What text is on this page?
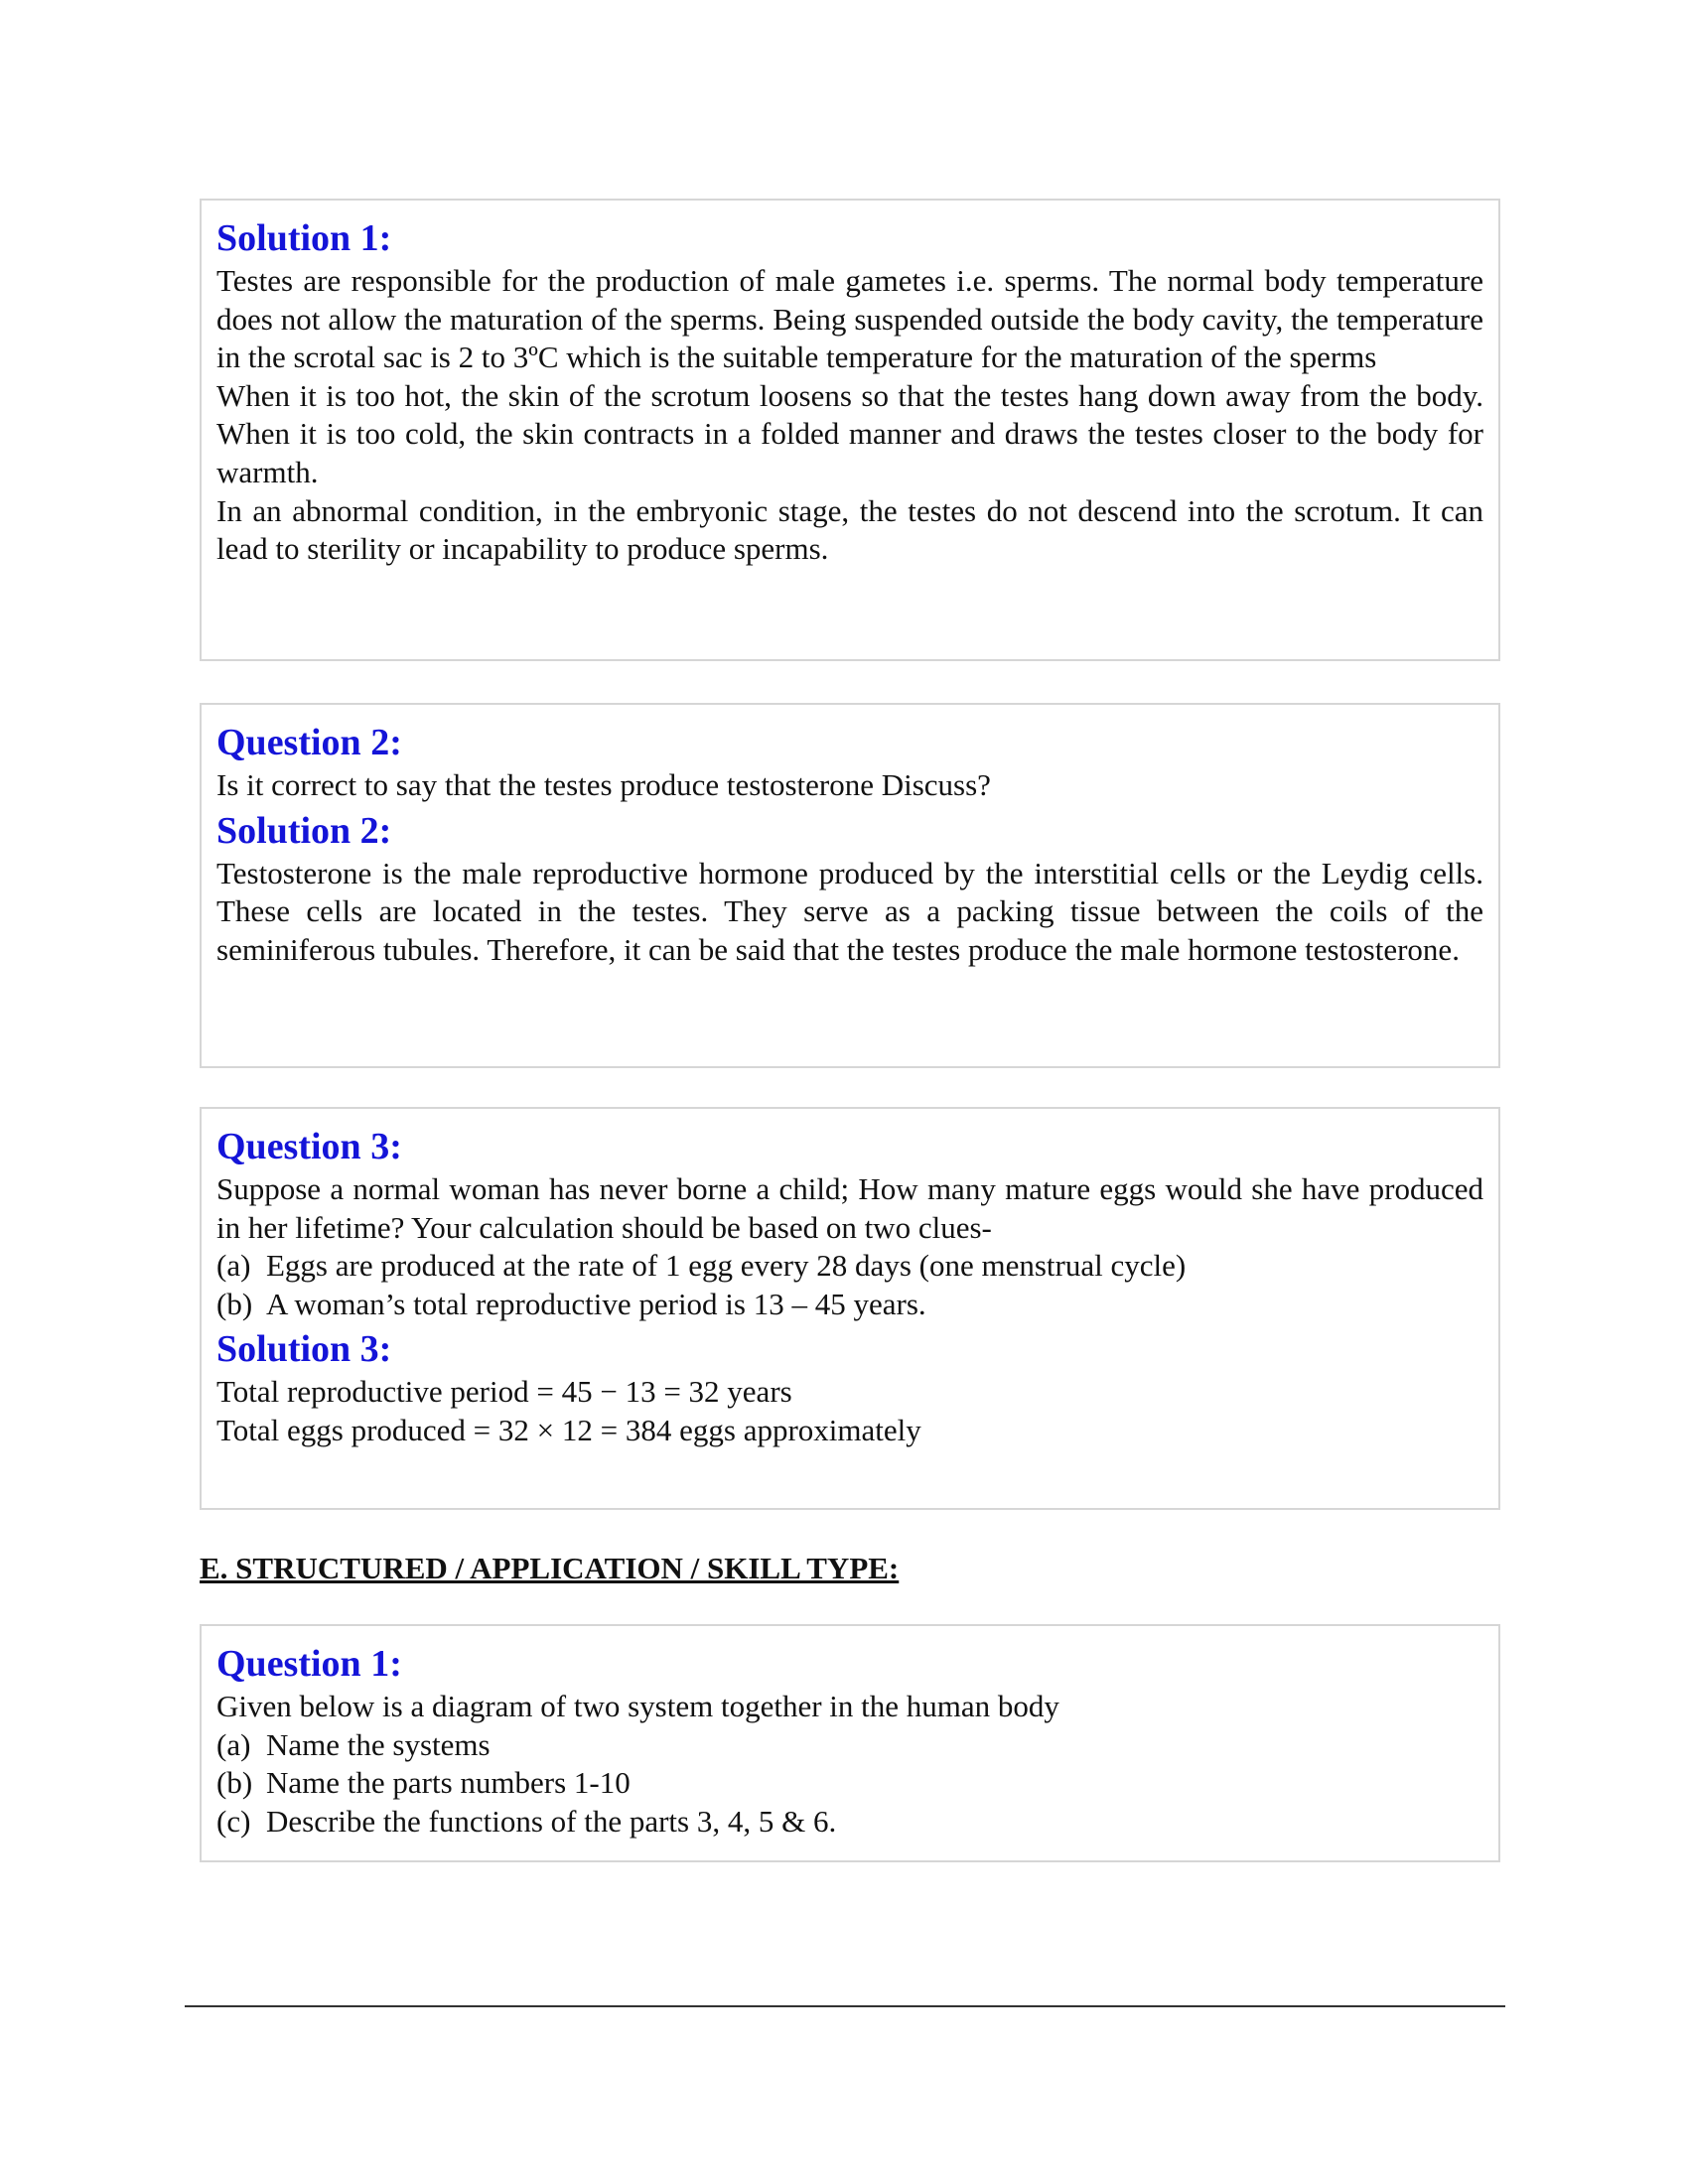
Solution 1:

Testes are responsible for the production of male gametes i.e. sperms. The normal body temperature does not allow the maturation of the sperms. Being suspended outside the body cavity, the temperature in the scrotal sac is 2 to 3ºC which is the suitable temperature for the maturation of the sperms

When it is too hot, the skin of the scrotum loosens so that the testes hang down away from the body. When it is too cold, the skin contracts in a folded manner and draws the testes closer to the body for warmth.

In an abnormal condition, in the embryonic stage, the testes do not descend into the scrotum. It can lead to sterility or incapability to produce sperms.

Question 2:

Is it correct to say that the testes produce testosterone Discuss?

Solution 2:

Testosterone is the male reproductive hormone produced by the interstitial cells or the Leydig cells. These cells are located in the testes. They serve as a packing tissue between the coils of the seminiferous tubules. Therefore, it can be said that the testes produce the male hormone testosterone.

Question 3:

Suppose a normal woman has never borne a child; How many mature eggs would she have produced in her lifetime? Your calculation should be based on two clues-

(a) Eggs are produced at the rate of 1 egg every 28 days (one menstrual cycle)
(b) A woman’s total reproductive period is 13 – 45 years.
Solution 3:

Total reproductive period = 45 − 13 = 32 years

Total eggs produced = 32 × 12 = 384 eggs approximately

E. STRUCTURED / APPLICATION / SKILL TYPE:
Question 1:

Given below is a diagram of two system together in the human body

(a) Name the systems
(b) Name the parts numbers 1-10
(c) Describe the functions of the parts 3, 4, 5 & 6.
